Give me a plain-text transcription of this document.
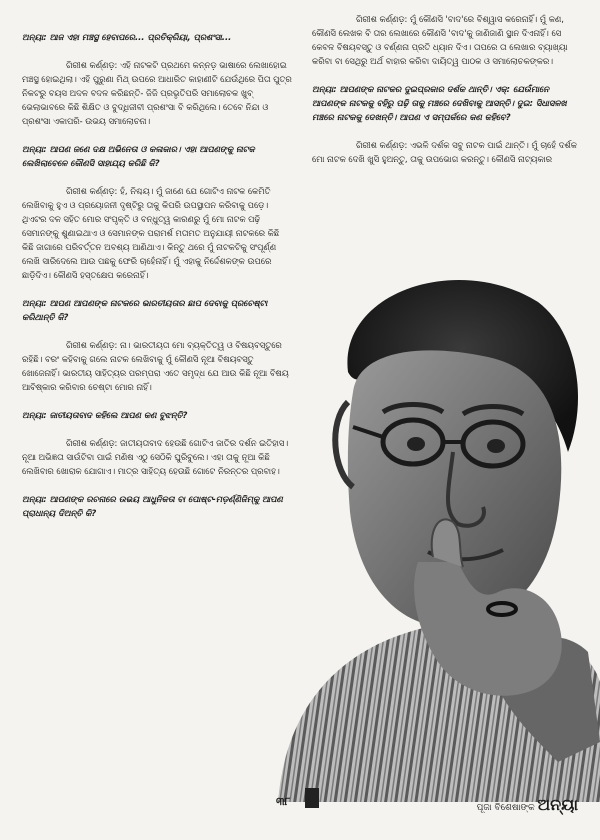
ଅନ୍ୟା: ଆଜ ଏହା ମଞ୍ଚସ୍ଥ ହେବାପରେ... ପ୍ରତିକ୍ରିୟା, ପ୍ରଶଂସା...

ଗିରୀଶ କର୍ଣ୍ଣଡ଼: ଏହି ନାଟକଟି ପ୍ରଥମେ କନ୍ନଡ଼ ଭାଷାରେ ଲେଖାହୋଇ ମଞ୍ଚସ୍ଥ ହୋଇଥିଲା। ଏହି ପୁରୁଣା ମିଥ୍ ଉପରେ ଆଧାରିତ କାହାଣୀଟି ଯେଉଁଥିରେ ପିତା ପୁତ୍ର ନିକଟରୁ ବୟସ ଅଦଳ ବଦଳ କରିଛନ୍ତି- ଜିଜି ପ୍ରଭୃତିପରି ସମାଲୋଚକ ଖୁବ୍ ଭେଲାଭାବରେ କିଛି ଶିକ୍ଷିତ ଓ ବୁଦ୍ଧିଜୀବୀ ପ୍ରଶଂସା ବି କରିଥିଲେ। ତେବେ ନିନ୍ଦା ଓ ପ୍ରଶଂସା ଏକାପରି- ଉଭୟ ସମାଲୋଚନା।

ଅନ୍ୟା: ଆପଣ ଜଣେ ଦକ୍ଷ ଅଭିନେତା ଓ କଳାକାର। ଏହା ଆପଣଙ୍କୁ ନାଟକ ଲେଖିଲାବେଳେ କୌଣସି ସାହାଯ୍ୟ କରିଛି କି?

ଗିରୀଶ କର୍ଣ୍ଣଡ଼: ହଁ, ନିଶ୍ଚୟ। ମୁଁ ଜାଣେ ଯେ ଗୋଟିଏ ନାଟକ କେମିତି ଲେଖିବାକୁ ହୁଏ ଓ ପ୍ରୟୋଜନୀ ଦୃଷ୍ଟିରୁ ତାକୁ କିପରି ଉପସ୍ଥାପନ କରିବାକୁ ପଡ଼େ। ଥିଏଟର ଦଳ ସହିତ ମୋର ସଂପୃକ୍ତି ଓ ବନ୍ଧୁତ୍ୱ କାରଣରୁ ମୁଁ ମୋ ନାଟକ ପଢ଼ି ସେମାନଙ୍କୁ ଶୁଣାଇଥାଏ ଓ ସେମାନଙ୍କ ପରାମର୍ଶ ମତାମତ ଅନୁଯାୟୀ ନାଟକରେ କିଛି କିଛି ଜାଗାରେ ପରିବର୍ତ୍ତନ ଅବଶ୍ୟ ଆଣିଥାଏ। କିନ୍ତୁ ଥରେ ମୁଁ ନାଟକଟିକୁ ସଂପୂର୍ଣ୍ଣ ଲେଖି ସାରିଦେଲେ ଆଉ ପଛକୁ ଫେରି ଚାହେଁନାହିଁ। ମୁଁ ଏହାକୁ ନିର୍ଦ୍ଦେଶକଙ୍କ ଉପରେ ଛାଡ଼ିଦିଏ। କୌଣସି ହସ୍ତକ୍ଷେପ କରେନାହିଁ।

ଅନ୍ୟା: ଆପଣ ଆପଣଙ୍କ ନାଟକରେ ଭାରତୀୟତାର ଛାପ ଦେବାକୁ ପ୍ରଚେଷ୍ଟା କରିଥାନ୍ତି କି?

ଗିରୀଶ କର୍ଣ୍ଣଡ଼: ନା। ଭାରତୀୟତା ମୋ ବ୍ୟକ୍ତିତ୍ୱ ଓ ବିଷୟବସ୍ତୁରେ ରହିଛି। ବରଂ କହିବାକୁ ଗଲେ ନାଟକ ଲେଖିବାକୁ ମୁଁ କୌଣସି ନୂଆ ବିଷୟବସ୍ତୁ ଖୋଜେନାହିଁ। ଭାରତୀୟ ସାହିତ୍ୟର ପରମ୍ପରା ଏତେ ସମୃଦ୍ଧ ଯେ ଆଉ କିଛି ନୂଆ ବିଷୟ ଆବିଷ୍କାର କରିବାର ଚେଷ୍ଟା ମୋର ନାହିଁ।

ଅନ୍ୟା: ଜାତୀୟତାବାଦ କହିଲେ ଆପଣ କଣ ବୁଝନ୍ତି?

ଗିରୀଶ କର୍ଣ୍ଣଡ଼: ଜାତୀୟତାବାଦ ହେଉଛି ଗୋଟିଏ ଜାତିର ଦର୍ଶନ ଇତିହାସ। ନୂଆ ଅଭିଜ୍ଞତା ସାଉଁଟିବା ପାଇଁ ମଣିଷ ଏଠୁ ସେଠିକି ଘୁରିବୁଲେ। ଏହା ତାକୁ ନୂଆ କିଛି ଲେଖିବାର ଖୋରାକ ଯୋଗାଏ। ମାତ୍ର ସାହିତ୍ୟ ହେଉଛି ଗୋଟେ ନିରନ୍ତର ପ୍ରବାହ।

ଅନ୍ୟା: ଆପଣଙ୍କ ରଚନାରେ ଉଭୟ ଆଧୁନିକତା ବା ପୋଷ୍ଟ-ମଡ଼ର୍ଣ୍ଣିଜିମ୍‌କୁ ଆପଣ ପ୍ରାଧାନ୍ୟ ଦିଅନ୍ତି କି?

ଗିରୀଶ କର୍ଣ୍ଣଡ଼: ମୁଁ କୌଣସି 'ବାଦ'ରେ ବିଶ୍ୱାସ କରେନାହିଁ। ମୁଁ କଣ, କୌଣସି ଲେଖକ ବି ତାର ଲେଖାରେ କୌଣସି 'ବାଦ'କୁ ଜାଣିଜାଣି ସ୍ଥାନ ଦିଏନାହିଁ। ସେ କେବଳ ବିଷୟବସ୍ତୁ ଓ ବର୍ଣ୍ଣନା ପ୍ରତି ଧ୍ୟାନ ଦିଏ। ତାପରେ ତା ଲେଖାର ବ୍ୟାଖ୍ୟା କରିବା ବା ସେଥିରୁ ଅର୍ଥ ବାହାର କରିବା ଦାୟିତ୍ୱ ପାଠକ ଓ ସମାଲୋଚକଙ୍କର।

ଅନ୍ୟା: ଆପଣଙ୍କ ନାଟକର ଦୁଇପ୍ରକାର ଦର୍ଶକ ଥାନ୍ତି। ଏକ୍: ଯେଉଁମାନେ ଆପଣଙ୍କ ନାଟକକୁ ବହିରୁ ପଢ଼ି ତାକୁ ମଞ୍ଚରେ ଦେଖିବାକୁ ଆସନ୍ତି। ଦୁଇ: ସିଧାସଳଖ ମଞ୍ଚରେ ନାଟକକୁ ଦେଖନ୍ତି। ଆପଣ ଏ ସମ୍ପର୍କରେ କଣ କହିବେ?

ଗିରୀଶ କର୍ଣ୍ଣଡ଼: ଏଭଳି ଦର୍ଶକ ସବୁ ନାଟକ ପାଇଁ ଥାନ୍ତି। ମୁଁ ଚାହେଁ ଦର୍ଶକ ମୋ ନାଟକ ଦେଖି ଖୁସି ହୁଅନ୍ତୁ, ତାକୁ ଉପଭୋଗ କରନ୍ତୁ। କୌଣସି ନାଟ୍ୟକାର

୩୮	ପୂଜା ବିଶେଷାଙ୍କ ଅନ୍ୟା
